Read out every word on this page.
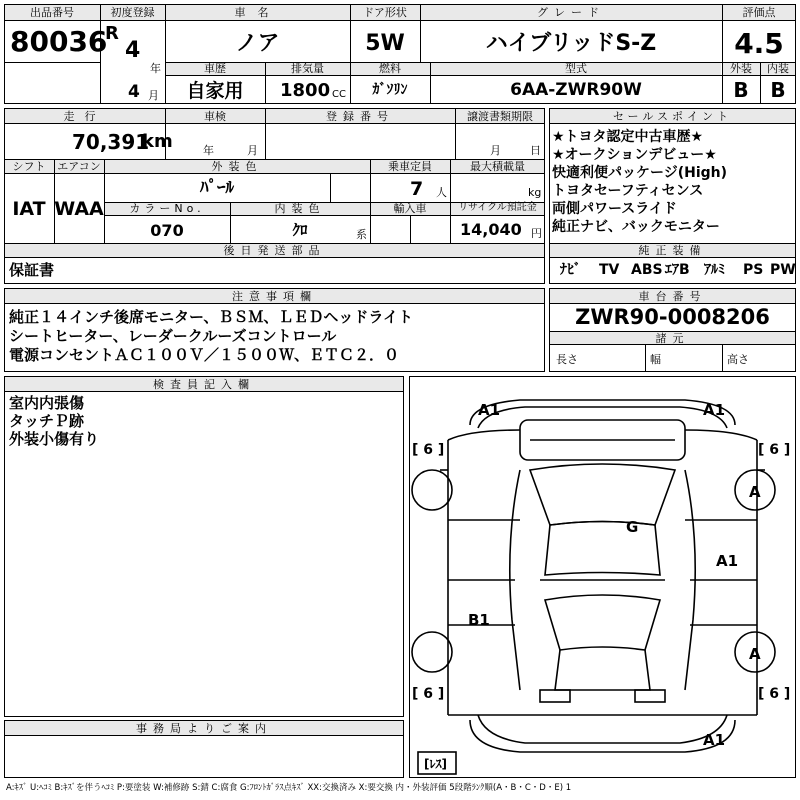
出品番号
80036
初度登録
R
4
年
4 月
車名
ノア
ドア形状
5W
グレード
ハイブリッドS-Z
評価点
4.5
車歴
自家用
排気量
1800 CC
燃料
ｶﾞｿﾘﾝ
型式
6AA-ZWR90W
外装	内装
B	B
走行
70,391
km
車検
年	月
登録番号	譲渡書類期限
月	日
シフト
IAT
エアコン
WAA
外装色
ﾊﾟｰﾙ
乗車定員
7 人
最大積載量
kg
カラーNo.
070
内装色
ｸﾛ	系
輸入車	リサイクル預託金
14,040 円
後日発送部品
保証書
セールスポイント
★トヨタ認定中古車歴★
★オークションデビュー★
快適利便パッケージ(High)
トヨタセーフティセンス
両側パワースライド
純正ナビ、バックモニター
純正装備
ﾅﾋﾞ TV ABS ｴｱB ｱﾙﾐ PS PW
注意事項欄
純正１４インチ後席モニター、ＢＳＭ、ＬＥＤヘッドライト
シートヒーター、レーダークルーズコントロール
電源コンセントＡＣ１００Ｖ／１５００Ｗ、ＥＴＣ２．０
車台番号
ZWR90-0008206
諸元
長さ	幅	高さ
検査員記入欄
室内内張傷
タッチＰ跡
外装小傷有り
事務局よりご案内
A1	A1
[ 6 ]	[ 6 ]
A
G
A1
B1
A
[ 6 ]	[ 6 ]
A1
[ﾚｽ]
A:ｷｽﾞ U:ﾍｺﾐ B:ｷｽﾞを伴うﾍｺﾐ P:要塗装 W:補修跡 S:錆 C:腐食 G:ﾌﾛﾝﾄｶﾞﾗｽ点ｷｽﾞ XX:交換済み X:要交換 内・外装評価 5段階ﾗﾝｸ順(A・B・C・D・E) 1
